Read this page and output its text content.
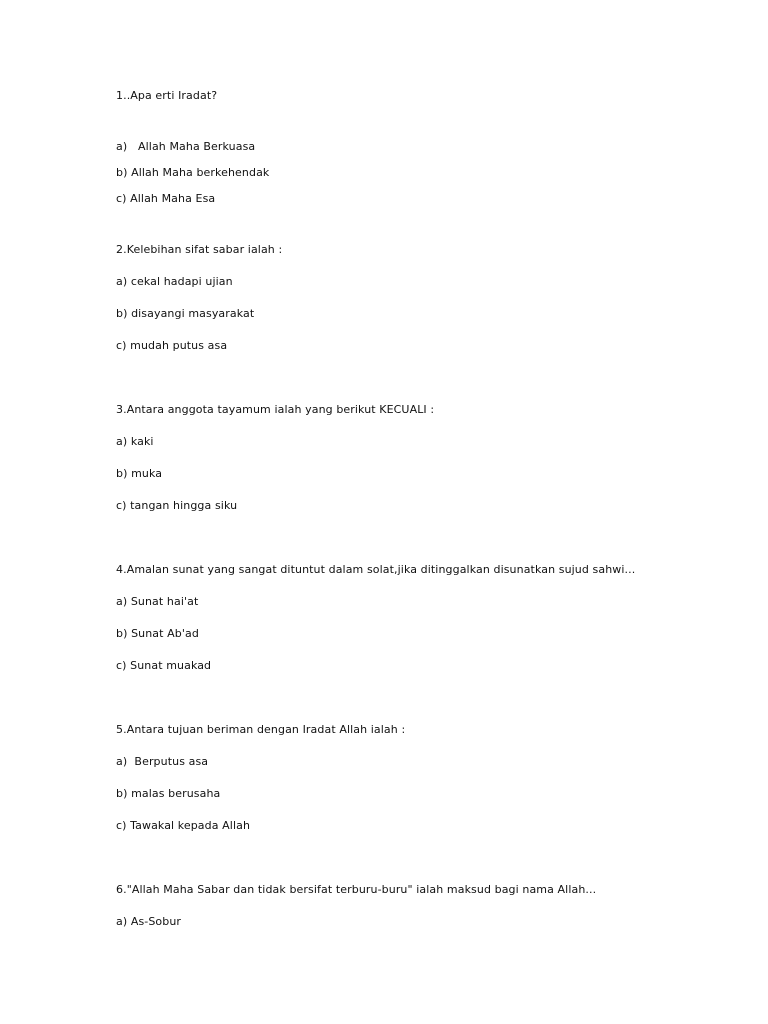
1..Apa erti Iradat?
a)   Allah Maha Berkuasa
b) Allah Maha berkehendak
c) Allah Maha Esa
2.Kelebihan sifat sabar ialah :
a) cekal hadapi ujian
b) disayangi masyarakat
c) mudah putus asa
3.Antara anggota tayamum ialah yang berikut KECUALI :
a) kaki
b) muka
c) tangan hingga siku
4.Amalan sunat yang sangat dituntut dalam solat,jika ditinggalkan disunatkan sujud sahwi...
a) Sunat hai'at
b) Sunat Ab'ad
c) Sunat muakad
5.Antara tujuan beriman dengan Iradat Allah ialah :
a)  Berputus asa
b) malas berusaha
c) Tawakal kepada Allah
6."Allah Maha Sabar dan tidak bersifat terburu-buru" ialah maksud bagi nama Allah...
a) As-Sobur
